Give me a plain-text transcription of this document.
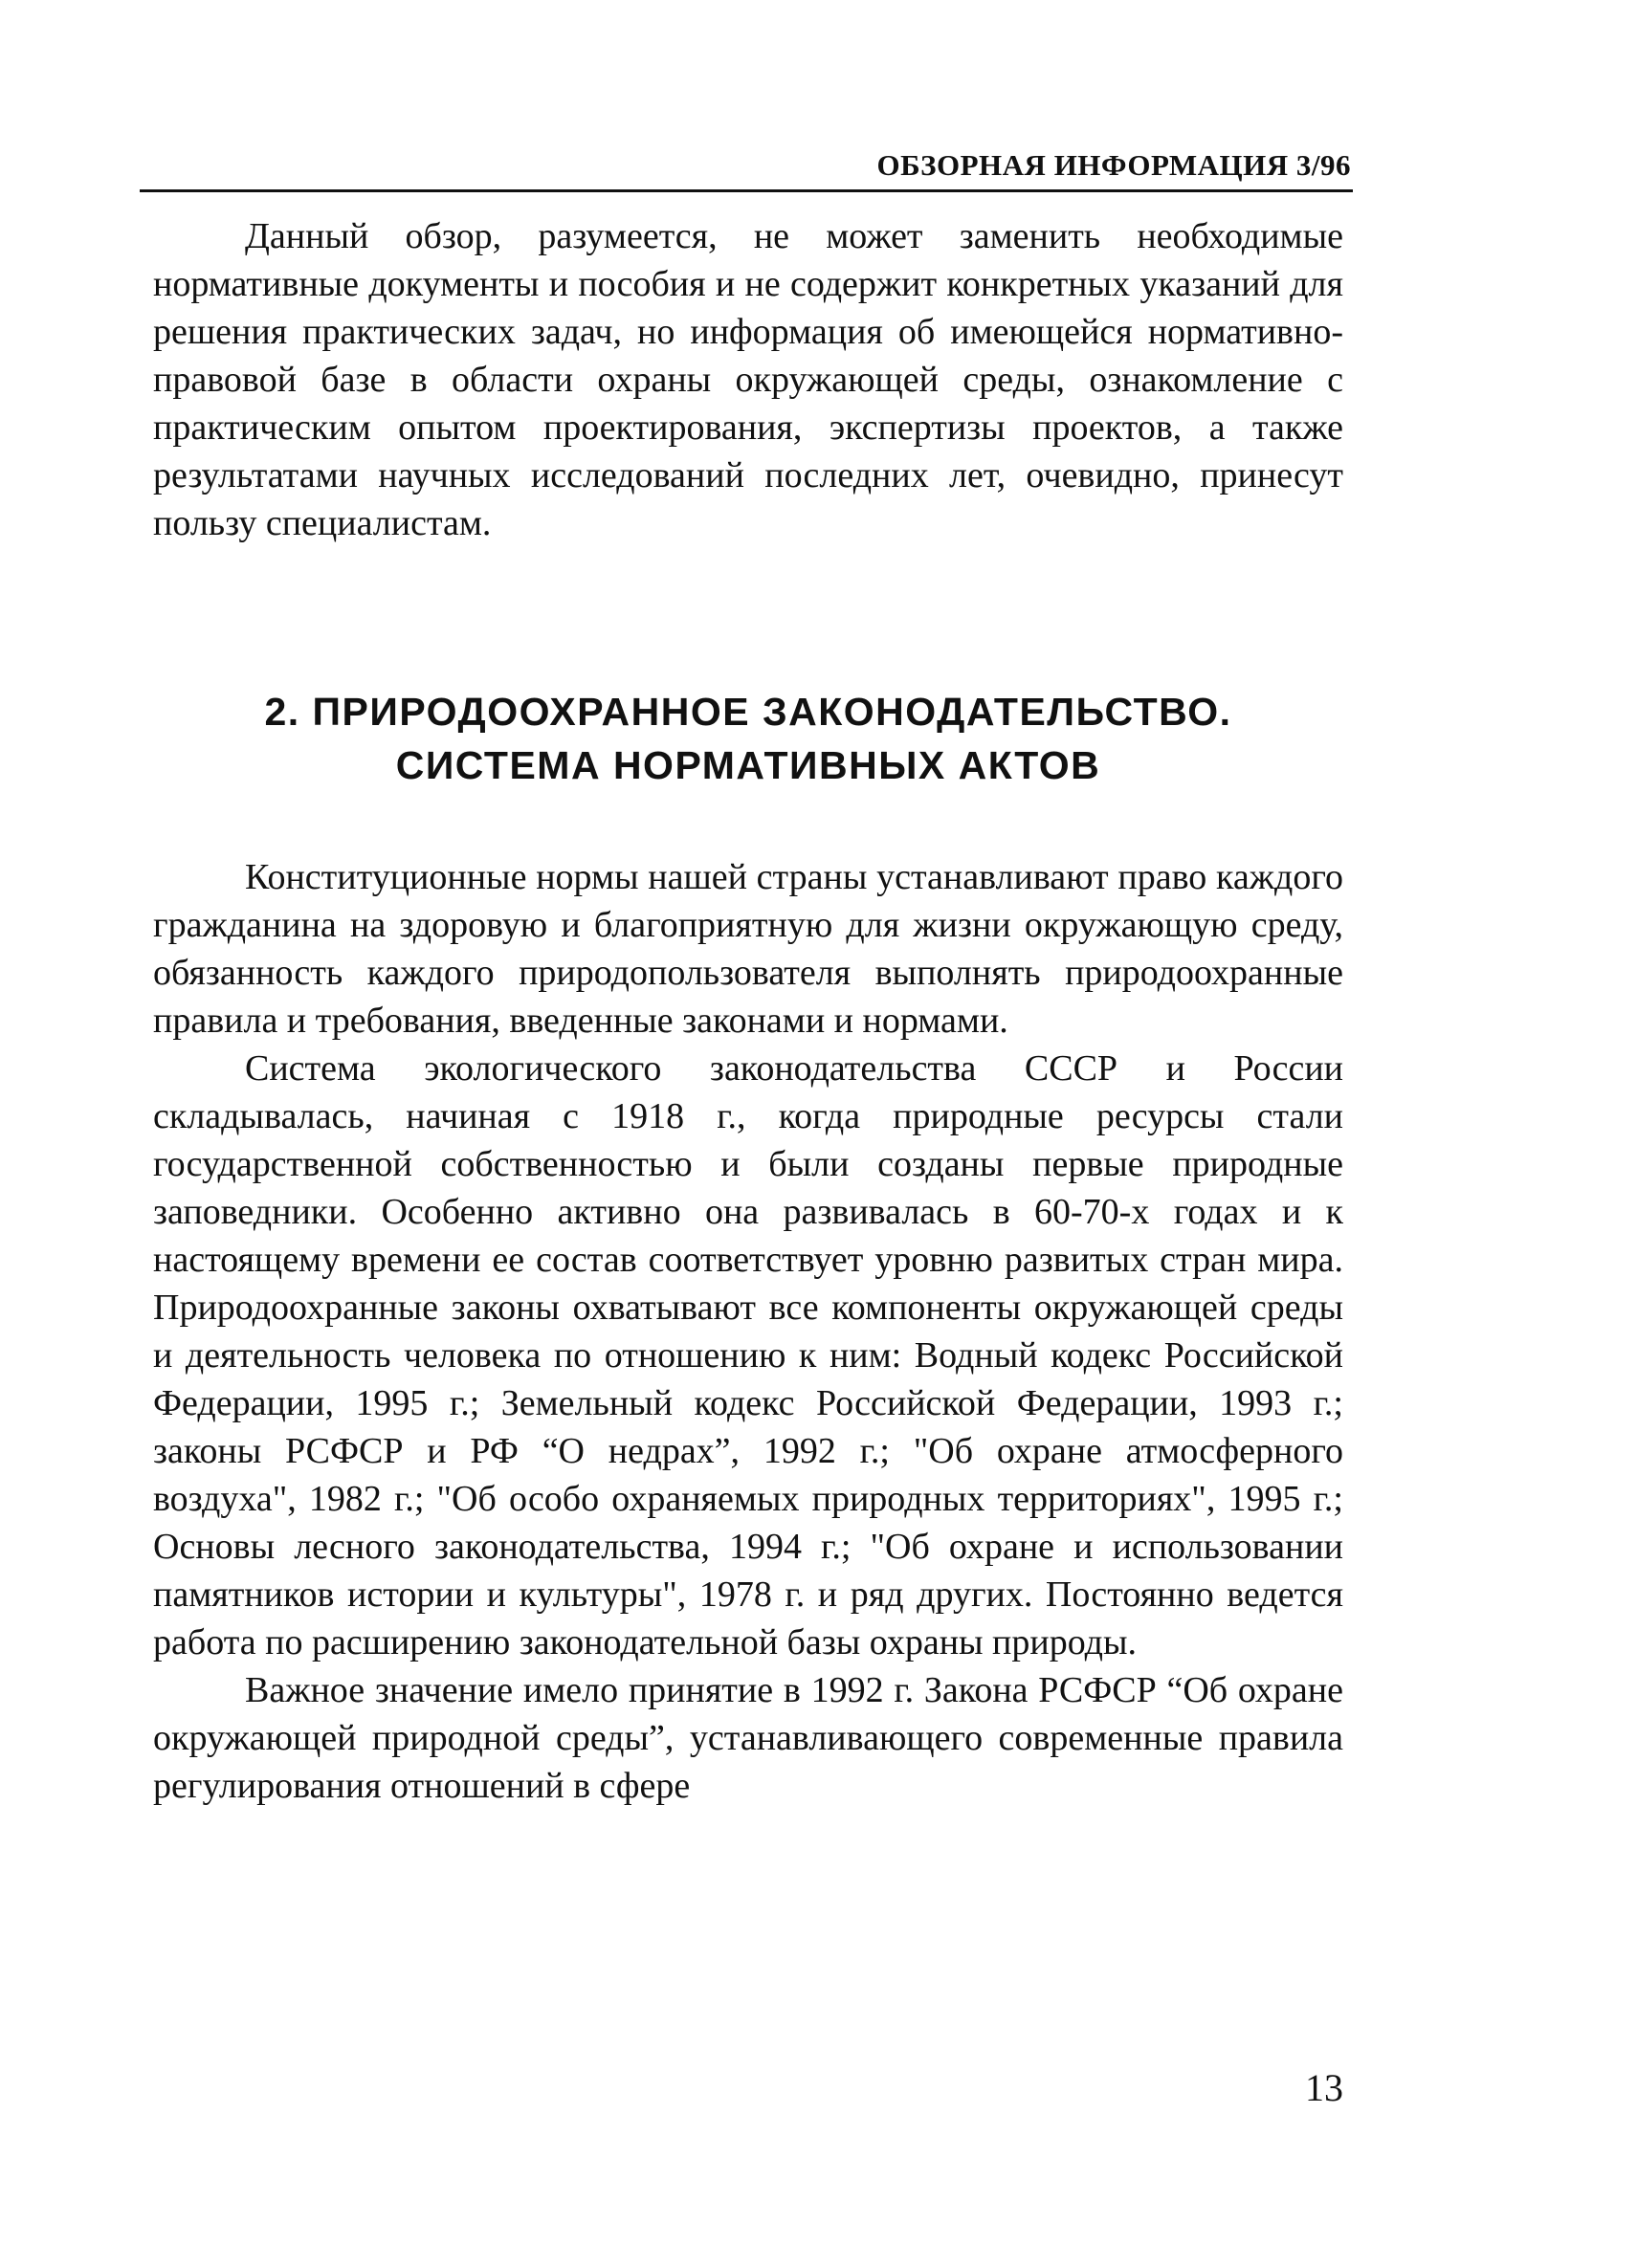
ОБЗОРНАЯ ИНФОРМАЦИЯ 3/96

Данный обзор, разумеется, не может заменить необходимые нормативные документы и пособия и не содержит конкретных указаний для решения практических задач, но информация об имеющейся нормативно-правовой базе в области охраны окружающей среды, ознакомление с практическим опытом проектирования, экспертизы проектов, а также результатами научных исследований последних лет, очевидно, принесут пользу специалистам.

2. ПРИРОДООХРАННОЕ ЗАКОНОДАТЕЛЬСТВО.
СИСТЕМА НОРМАТИВНЫХ АКТОВ

Конституционные нормы нашей страны устанавливают право каждого гражданина на здоровую и благоприятную для жизни окружающую среду, обязанность каждого природопользователя выполнять природоохранные правила и требования, введенные законами и нормами.

Система экологического законодательства СССР и России складывалась, начиная с 1918 г., когда природные ресурсы стали государственной собственностью и были созданы первые природные заповедники. Особенно активно она развивалась в 60-70-х годах и к настоящему времени ее состав соответствует уровню развитых стран мира. Природоохранные законы охватывают все компоненты окружающей среды и деятельность человека по отношению к ним: Водный кодекс Российской Федерации, 1995 г.; Земельный кодекс Российской Федерации, 1993 г.; законы РСФСР и РФ “О недрах”, 1992 г.; "Об охране атмосферного воздуха", 1982 г.; "Об особо охраняемых природных территориях", 1995 г.; Основы лесного законодательства, 1994 г.; "Об охране и использовании памятников истории и культуры", 1978 г. и ряд других. Постоянно ведется работа по расширению законодательной базы охраны природы.

Важное значение имело принятие в 1992 г. Закона РСФСР “Об охране окружающей природной среды”, устанавливающего современные правила регулирования отношений в сфере

13
